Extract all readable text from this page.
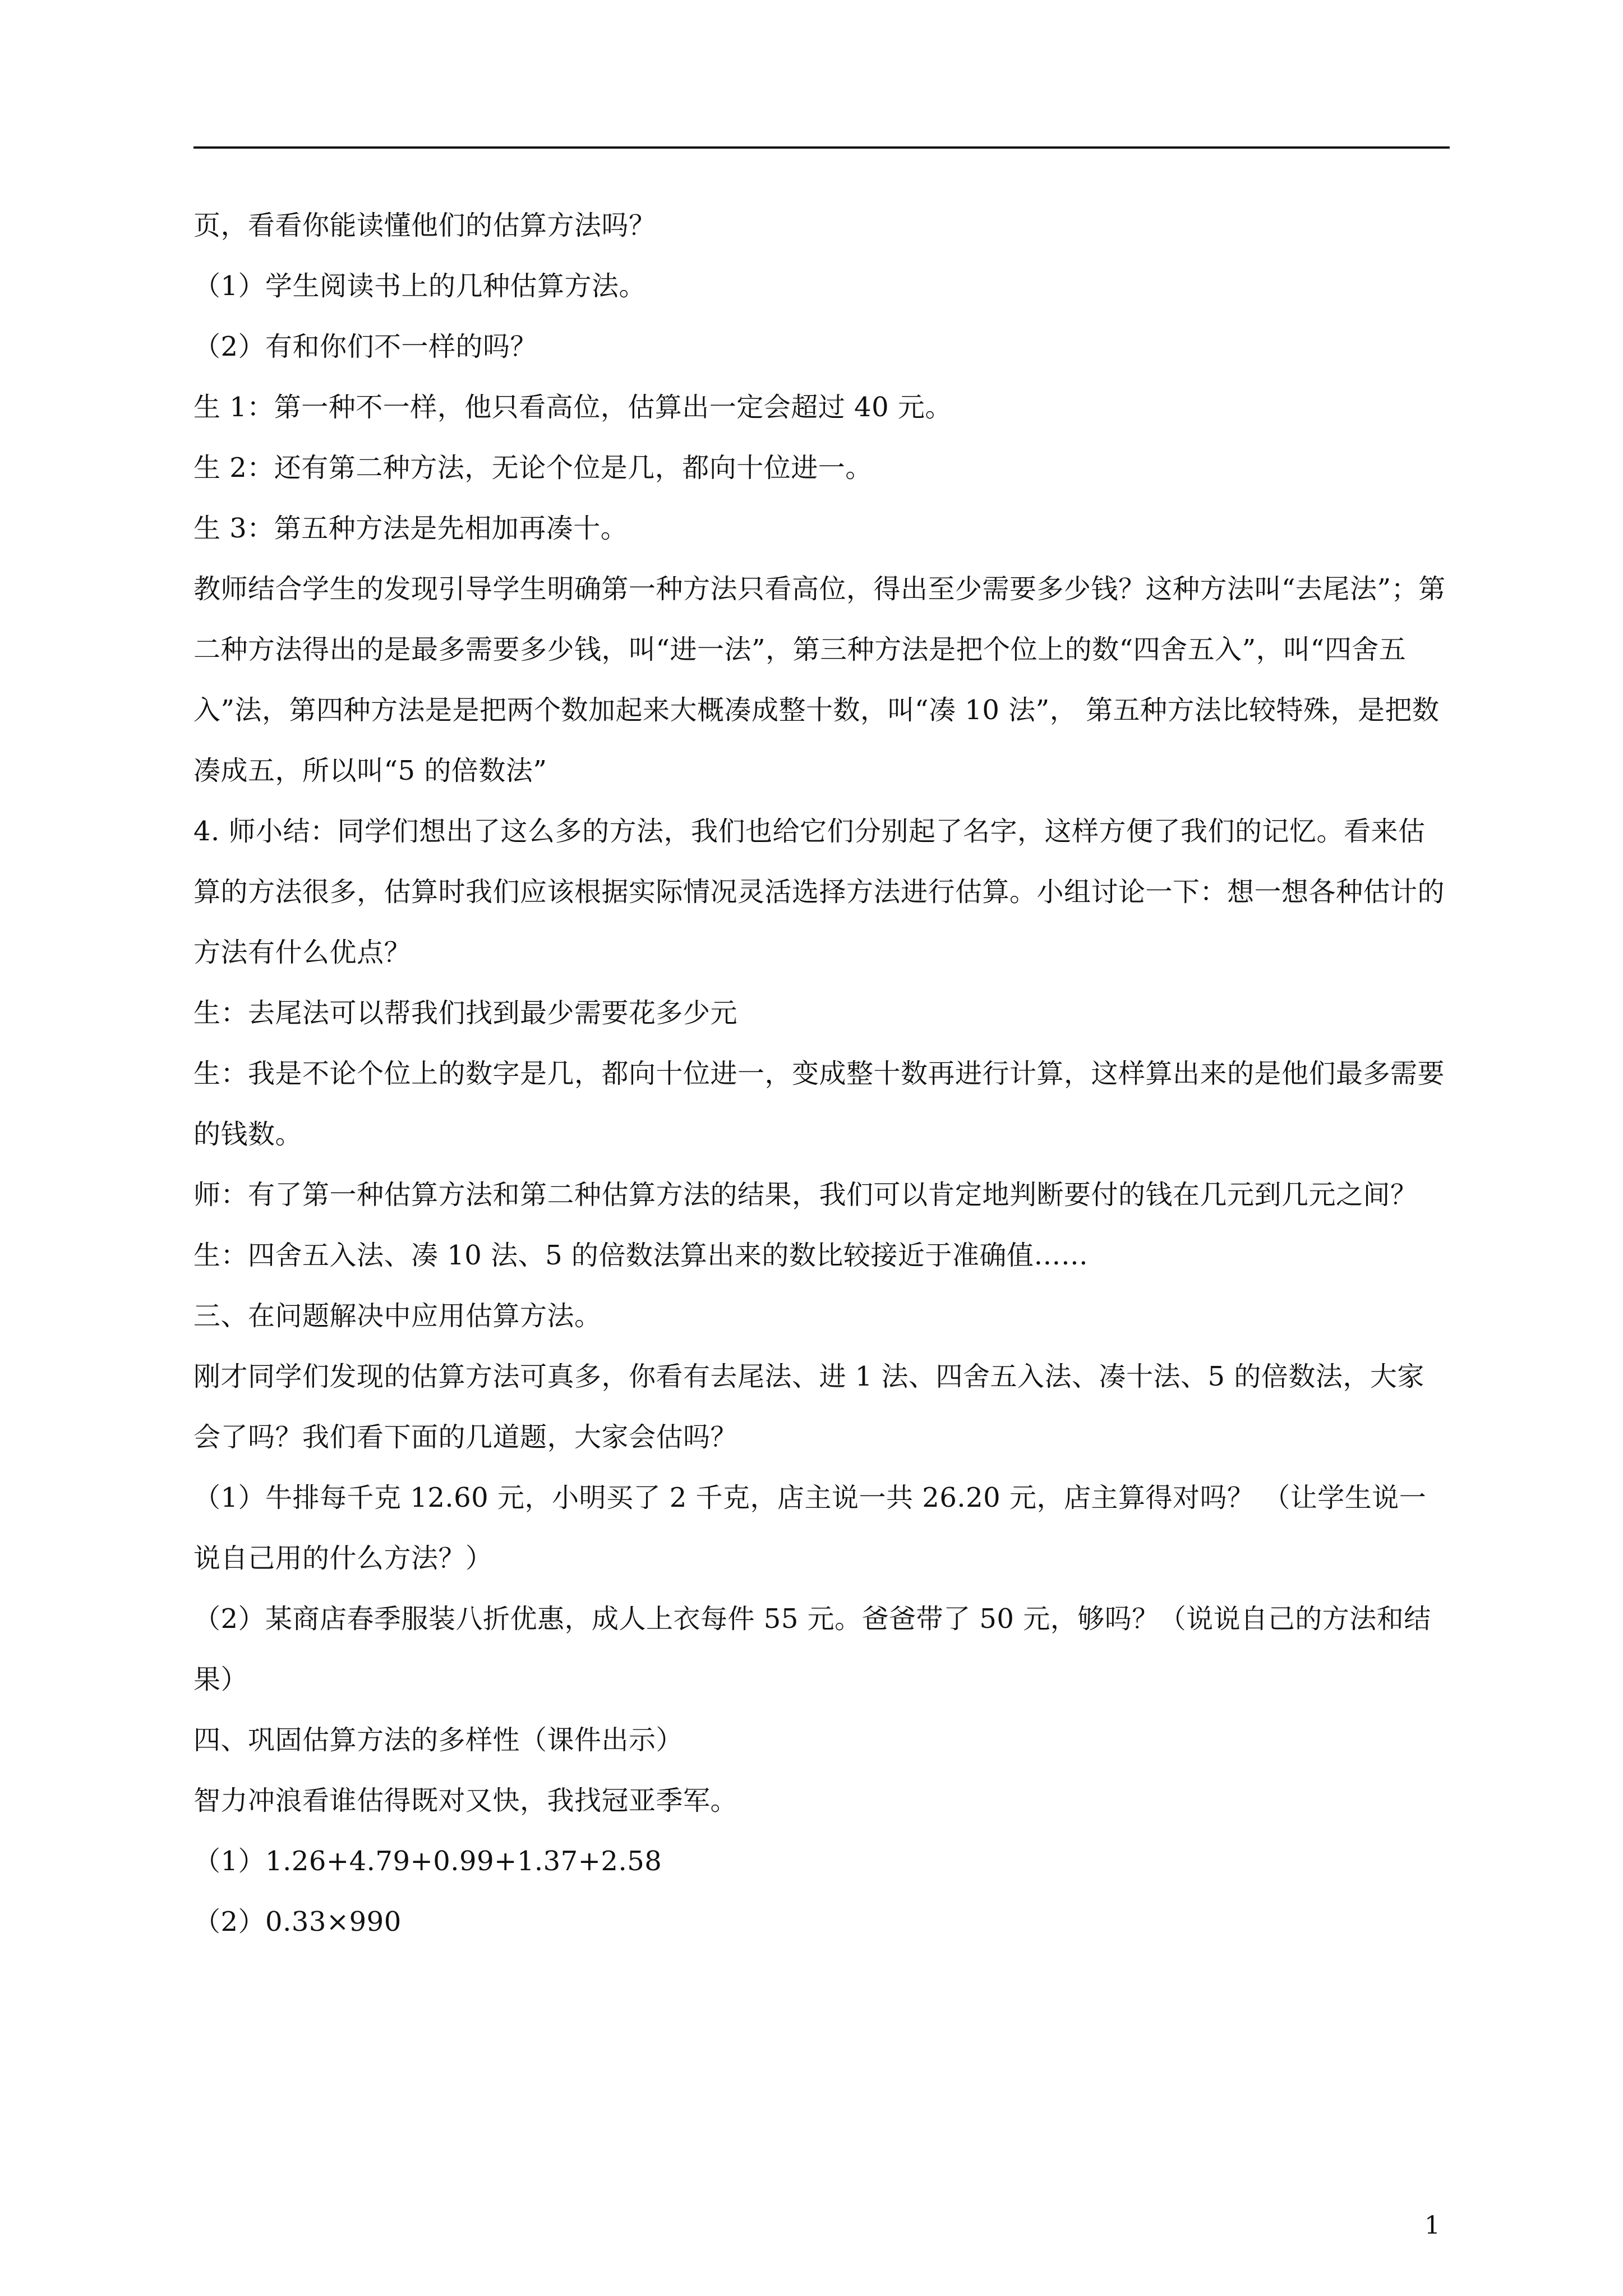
页，看看你能读懂他们的估算方法吗？

（1）学生阅读书上的几种估算方法。

（2）有和你们不一样的吗？

生 1：第一种不一样，他只看高位，估算出一定会超过 40 元。

生 2：还有第二种方法，无论个位是几，都向十位进一。

生 3：第五种方法是先相加再凑十。

教师结合学生的发现引导学生明确第一种方法只看高位，得出至少需要多少钱？这种方法叫“去尾法”；第二种方法得出的是最多需要多少钱，叫“进一法”，第三种方法是把个位上的数“四舍五入”，叫“四舍五入”法，第四种方法是是把两个数加起来大概凑成整十数，叫“凑 10 法”， 第五种方法比较特殊，是把数凑成五，所以叫“5 的倍数法”

4. 师小结：同学们想出了这么多的方法，我们也给它们分别起了名字，这样方便了我们的记忆。看来估算的方法很多，估算时我们应该根据实际情况灵活选择方法进行估算。小组讨论一下：想一想各种估计的方法有什么优点？

生：去尾法可以帮我们找到最少需要花多少元

生：我是不论个位上的数字是几，都向十位进一，变成整十数再进行计算，这样算出来的是他们最多需要的钱数。

师：有了第一种估算方法和第二种估算方法的结果，我们可以肯定地判断要付的钱在几元到几元之间？

生：四舍五入法、凑 10 法、5 的倍数法算出来的数比较接近于准确值……

三、在问题解决中应用估算方法。

刚才同学们发现的估算方法可真多，你看有去尾法、进 1 法、四舍五入法、凑十法、5 的倍数法，大家会了吗？我们看下面的几道题，大家会估吗？

（1）牛排每千克 12.60 元，小明买了 2 千克，店主说一共 26.20 元，店主算得对吗？ （让学生说一说自己用的什么方法？）

（2）某商店春季服装八折优惠，成人上衣每件 55 元。爸爸带了 50 元，够吗？（说说自己的方法和结果）

四、巩固估算方法的多样性（课件出示）

智力冲浪看谁估得既对又快，我找冠亚季军。

（1）1.26+4.79+0.99+1.37+2.58

（2）0.33×990

1
